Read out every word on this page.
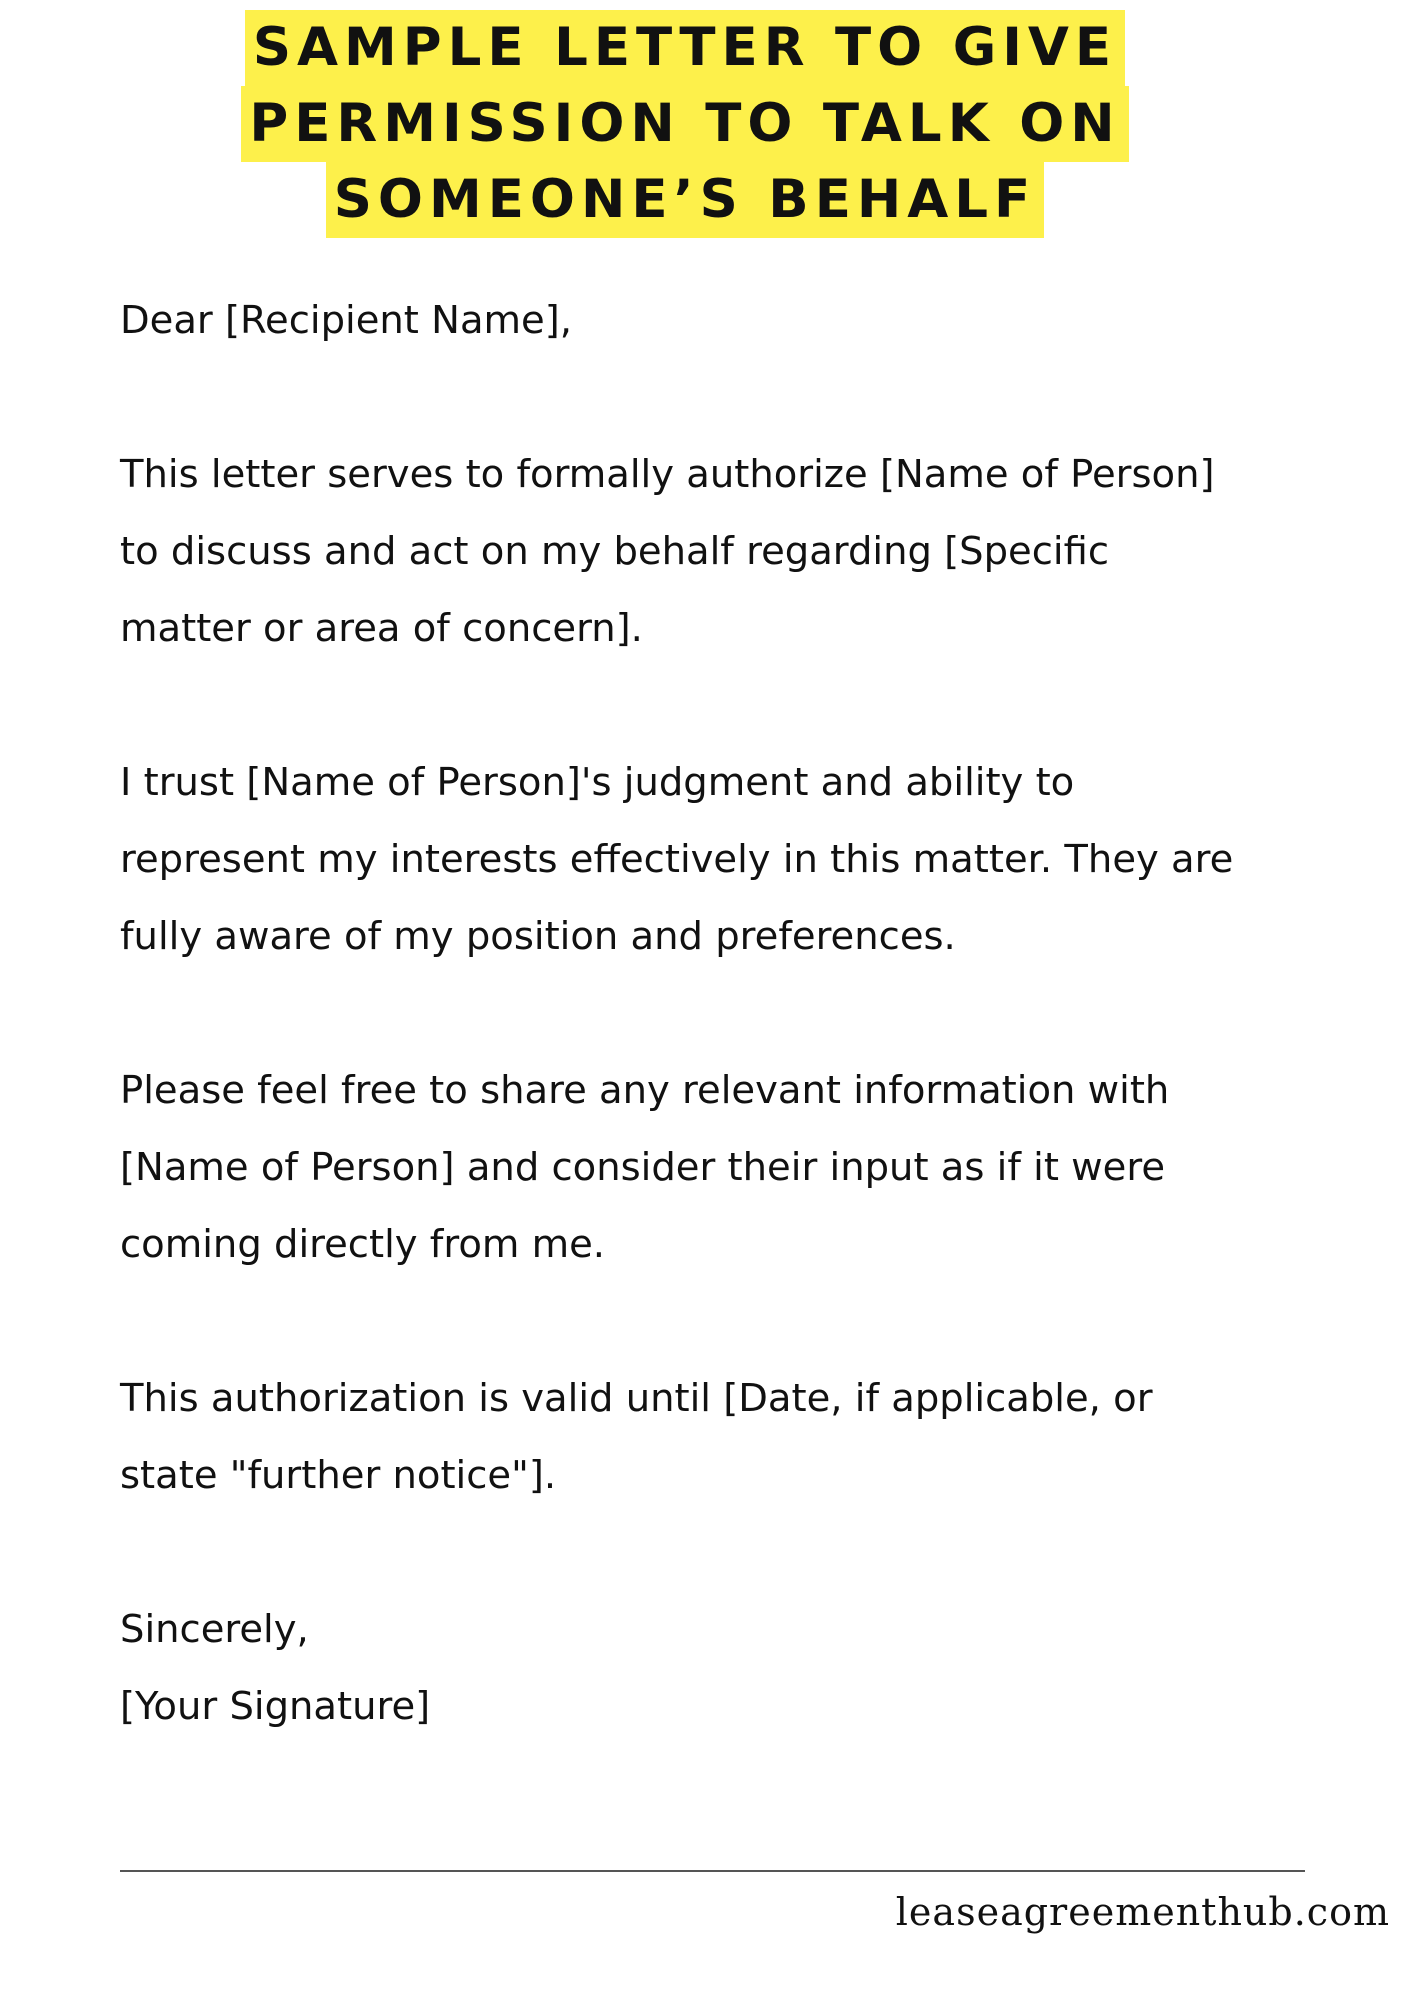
SAMPLE LETTER TO GIVE
PERMISSION TO TALK ON
SOMEONE’S BEHALF

Dear [Recipient Name],

This letter serves to formally authorize [Name of Person]
to discuss and act on my behalf regarding [Specific
matter or area of concern].

I trust [Name of Person]'s judgment and ability to
represent my interests effectively in this matter. They are
fully aware of my position and preferences.

Please feel free to share any relevant information with
[Name of Person] and consider their input as if it were
coming directly from me.

This authorization is valid until [Date, if applicable, or
state "further notice"].

Sincerely,
[Your Signature]

leaseagreementhub.com
